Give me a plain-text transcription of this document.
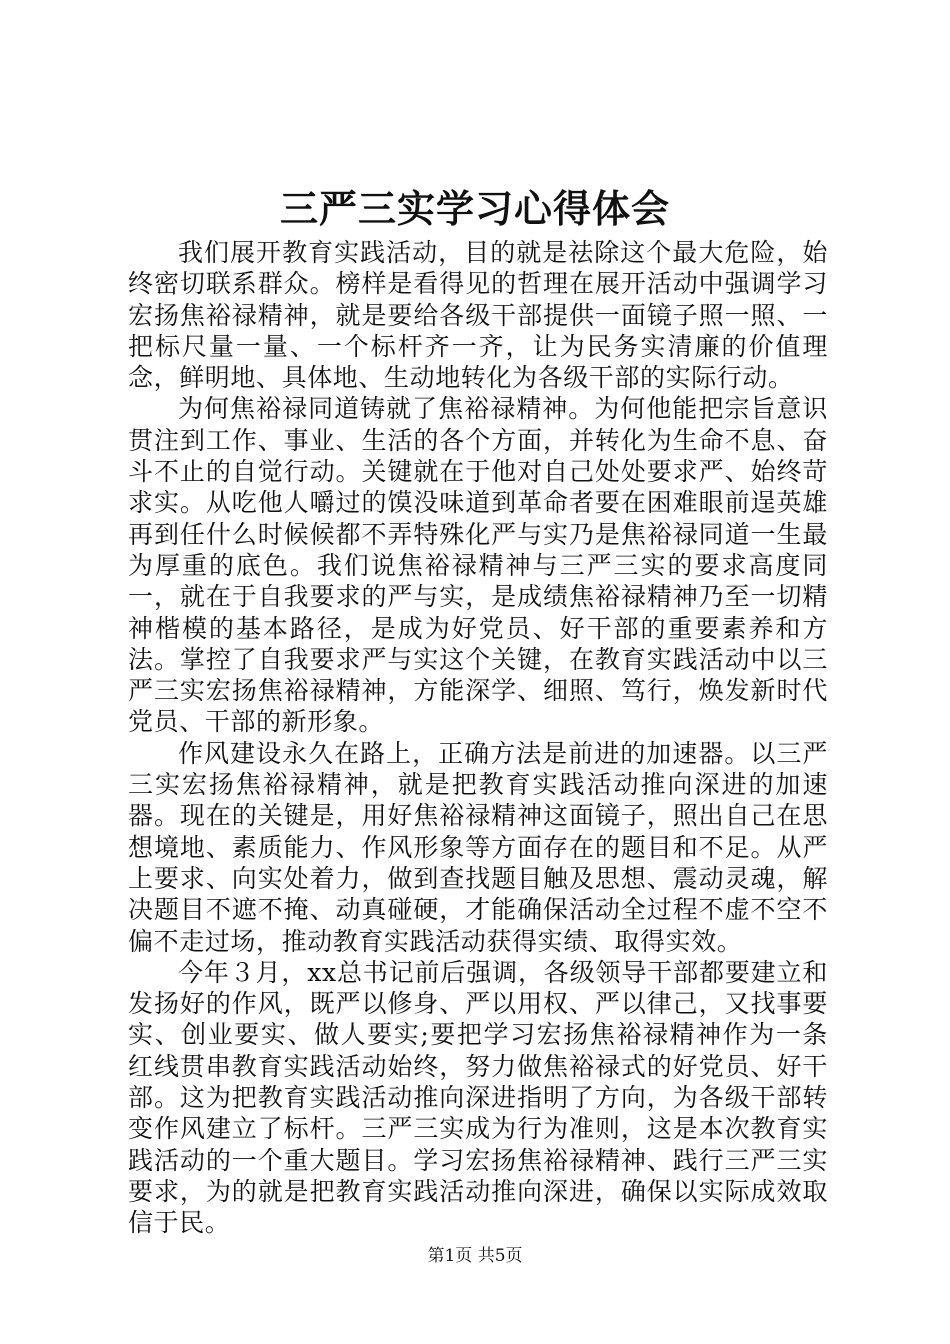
三严三实学习心得体会

我们展开教育实践活动，目的就是祛除这个最大危险，始终密切联系群众。榜样是看得见的哲理在展开活动中强调学习宏扬焦裕禄精神，就是要给各级干部提供一面镜子照一照、一把标尺量一量、一个标杆齐一齐，让为民务实清廉的价值理念，鲜明地、具体地、生动地转化为各级干部的实际行动。

为何焦裕禄同道铸就了焦裕禄精神。为何他能把宗旨意识贯注到工作、事业、生活的各个方面，并转化为生命不息、奋斗不止的自觉行动。关键就在于他对自己处处要求严、始终苛求实。从吃他人嚼过的馍没味道到革命者要在困难眼前逞英雄再到任什么时候候都不弄特殊化严与实乃是焦裕禄同道一生最为厚重的底色。我们说焦裕禄精神与三严三实的要求高度同一，就在于自我要求的严与实，是成绩焦裕禄精神乃至一切精神楷模的基本路径，是成为好党员、好干部的重要素养和方法。掌控了自我要求严与实这个关键，在教育实践活动中以三严三实宏扬焦裕禄精神，方能深学、细照、笃行，焕发新时代党员、干部的新形象。

作风建设永久在路上，正确方法是前进的加速器。以三严三实宏扬焦裕禄精神，就是把教育实践活动推向深进的加速器。现在的关键是，用好焦裕禄精神这面镜子，照出自己在思想境地、素质能力、作风形象等方面存在的题目和不足。从严上要求、向实处着力，做到查找题目触及思想、震动灵魂，解决题目不遮不掩、动真碰硬，才能确保活动全过程不虚不空不偏不走过场，推动教育实践活动获得实绩、取得实效。

今年３月，xx总书记前后强调，各级领导干部都要建立和发扬好的作风，既严以修身、严以用权、严以律己，又找事要实、创业要实、做人要实;要把学习宏扬焦裕禄精神作为一条红线贯串教育实践活动始终，努力做焦裕禄式的好党员、好干部。这为把教育实践活动推向深进指明了方向，为各级干部转变作风建立了标杆。三严三实成为行为准则，这是本次教育实践活动的一个重大题目。学习宏扬焦裕禄精神、践行三严三实要求，为的就是把教育实践活动推向深进，确保以实际成效取信于民。

第1页 共5页
